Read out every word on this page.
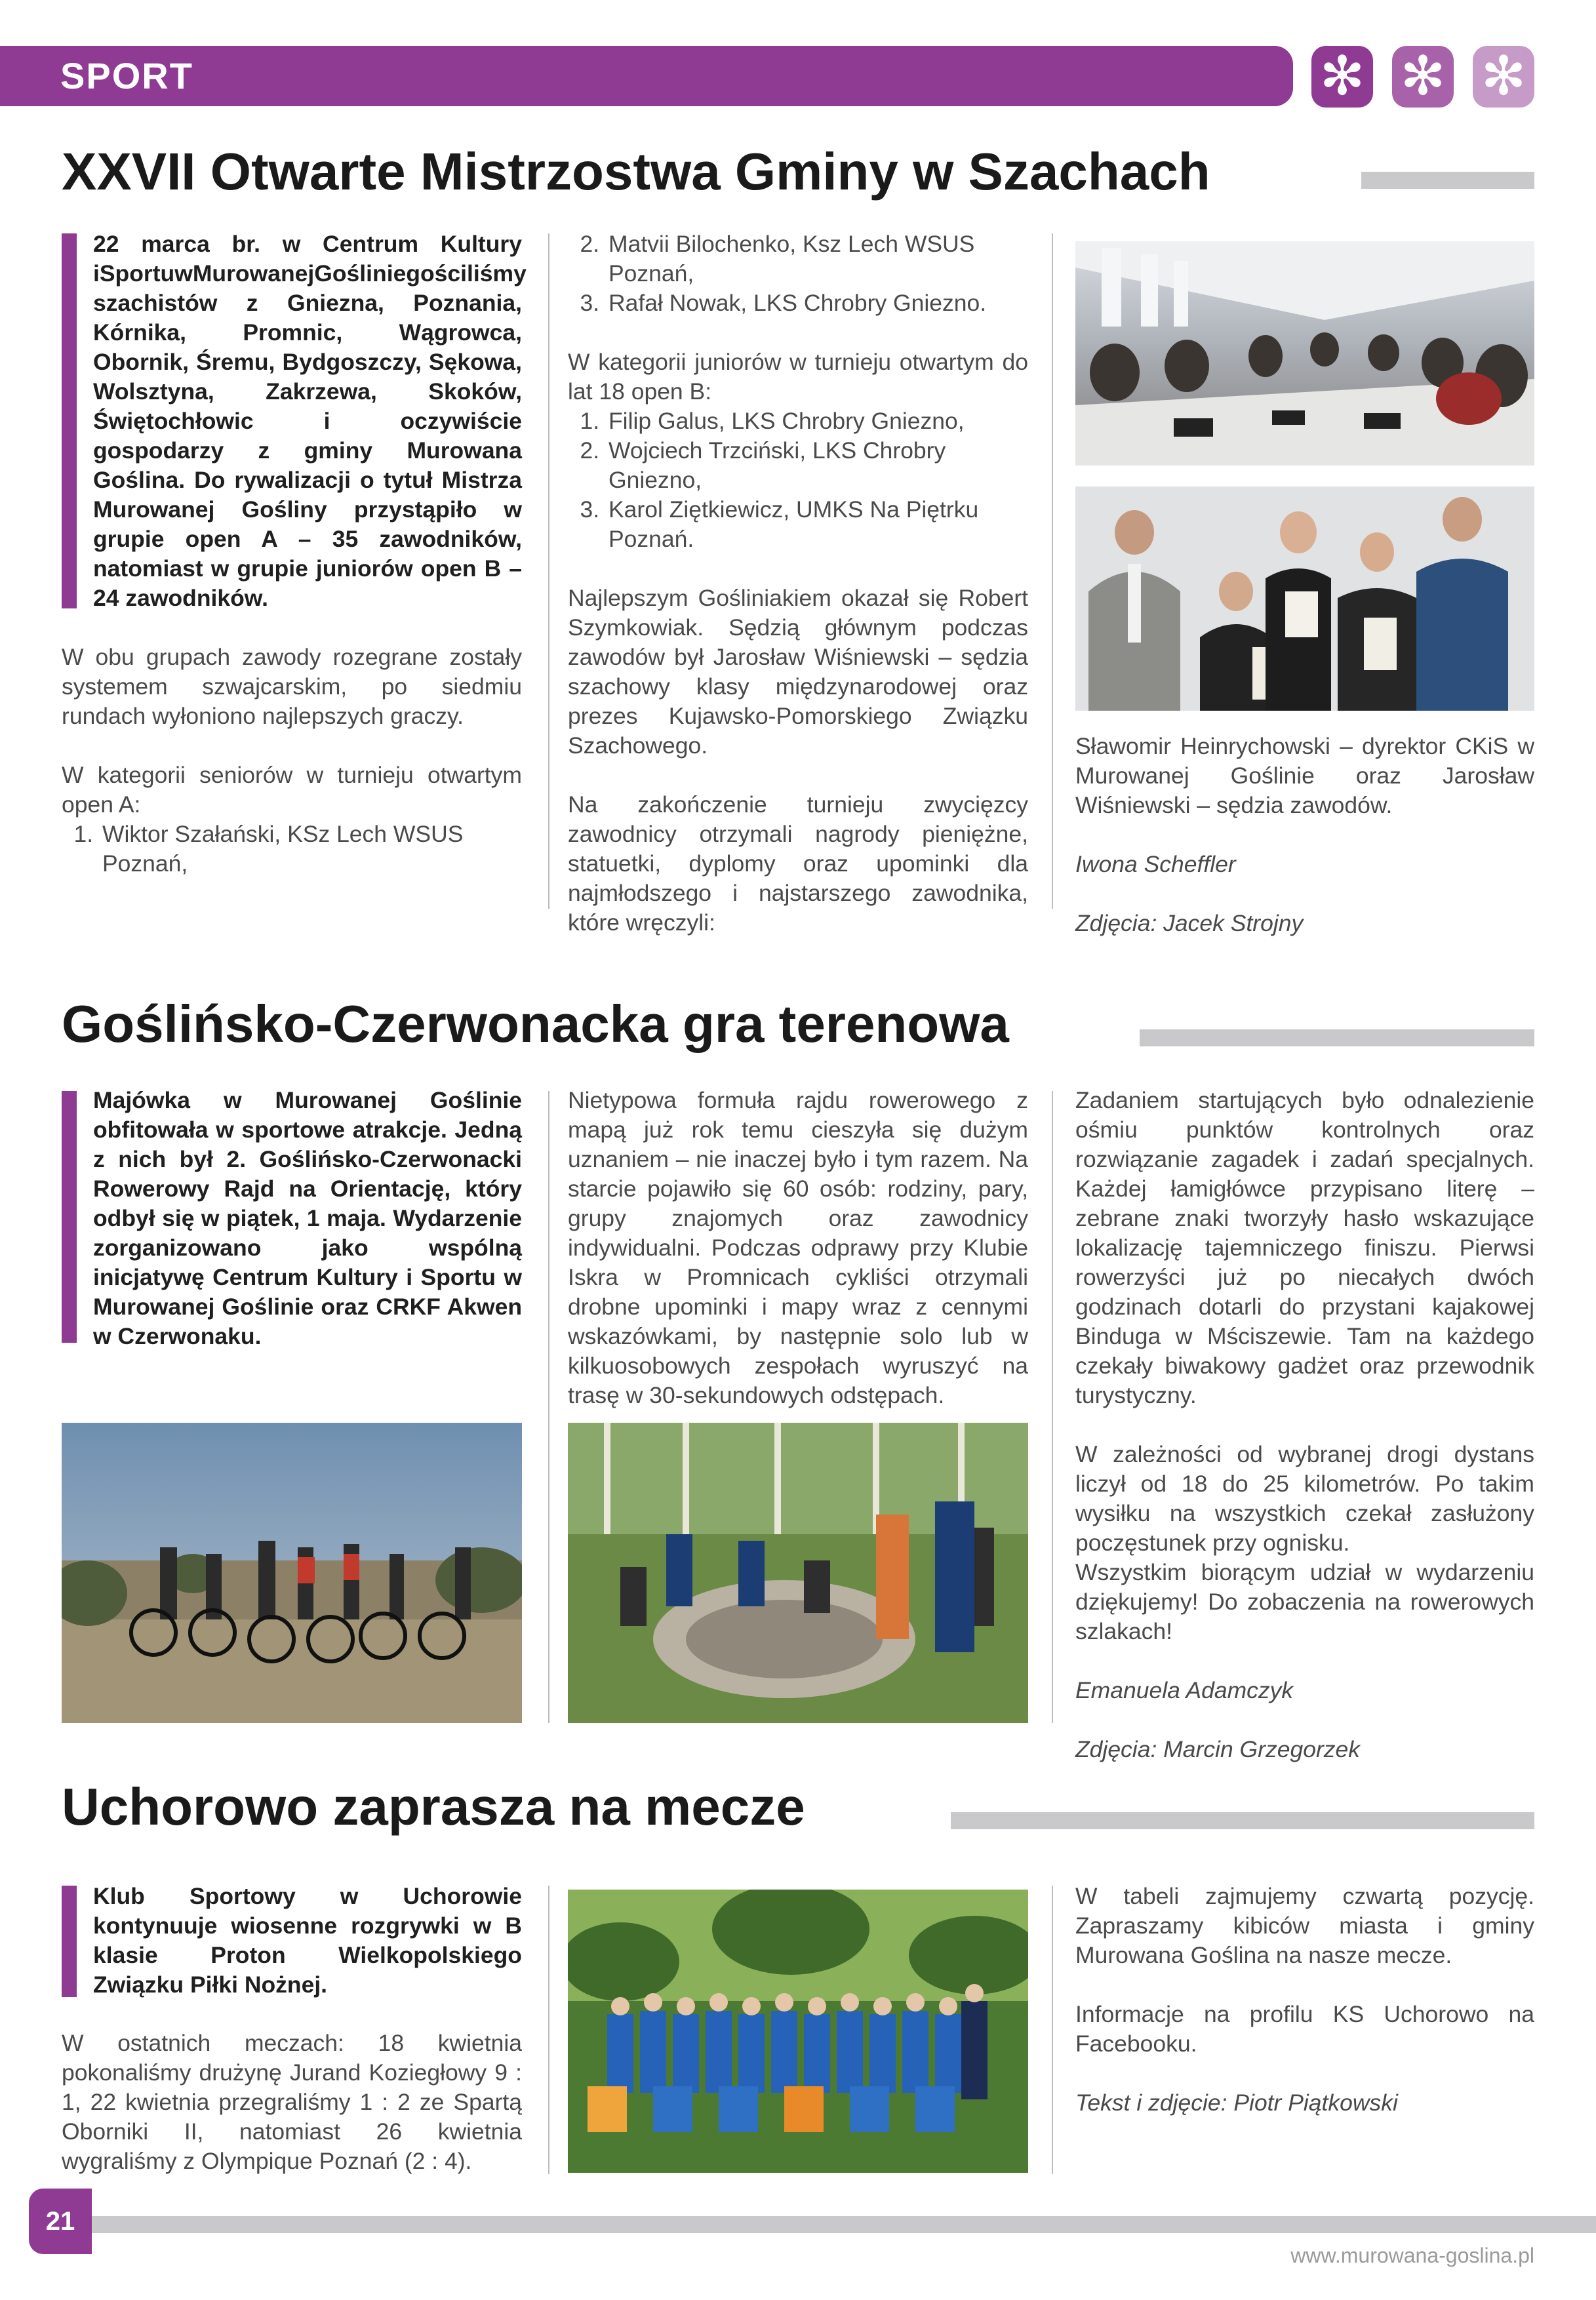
SPORT	✻ ✻ ✻
XXVII Otwarte Mistrzostwa Gminy w Szachach
22 marca br. w Centrum Kultury iSportuwMurowanejGośliniegościliśmy szachistów z Gniezna, Poznania, Kórnika, Promnic, Wągrowca, Obornik, Śremu, Bydgoszczy, Sękowa, Wolsztyna, Zakrzewa, Skoków, Świętochłowic i oczywiście gospodarzy z gminy Murowana Goślina. Do rywalizacji o tytuł Mistrza Murowanej Gośliny przystąpiło w grupie open A – 35 zawodników, natomiast w grupie juniorów open B – 24 zawodników.

W obu grupach zawody rozegrane zostały systemem szwajcarskim, po siedmiu rundach wyłoniono najlepszych graczy.

W kategorii seniorów w turnieju otwartym open A:

1. Wiktor Szałański, KSz Lech WSUS Poznań,
2. Matvii Bilochenko, Ksz Lech WSUS Poznań,
3. Rafał Nowak, LKS Chrobry Gniezno.

W kategorii juniorów w turnieju otwartym do lat 18 open B:

1. Filip Galus, LKS Chrobry Gniezno,
2. Wojciech Trzciński, LKS Chrobry Gniezno,
3. Karol Ziętkiewicz, UMKS Na Piętrku Poznań.

Najlepszym Gośliniakiem okazał się Robert Szymkowiak. Sędzią głównym podczas zawodów był Jarosław Wiśniewski – sędzia szachowy klasy międzynarodowej oraz prezes Kujawsko-Pomorskiego Związku Szachowego.

Na zakończenie turnieju zwycięzcy zawodnicy otrzymali nagrody pieniężne, statuetki, dyplomy oraz upominki dla najmłodszego i najstarszego zawodnika, które wręczyli:

Sławomir Heinrychowski – dyrektor CKiS w Murowanej Goślinie oraz Jarosław Wiśniewski – sędzia zawodów.

Iwona Scheffler

Zdjęcia: Jacek Strojny

Goślińsko-Czerwonacka gra terenowa
Majówka w Murowanej Goślinie obfitowała w sportowe atrakcje. Jedną z nich był 2. Goślińsko-Czerwonacki Rowerowy Rajd na Orientację, który odbył się w piątek, 1 maja. Wydarzenie zorganizowano jako wspólną inicjatywę Centrum Kultury i Sportu w Murowanej Goślinie oraz CRKF Akwen w Czerwonaku.

Nietypowa formuła rajdu rowerowego z mapą już rok temu cieszyła się dużym uznaniem – nie inaczej było i tym razem. Na starcie pojawiło się 60 osób: rodziny, pary, grupy znajomych oraz zawodnicy indywidualni. Podczas odprawy przy Klubie Iskra w Promnicach cykliści otrzymali drobne upominki i mapy wraz z cennymi wskazówkami, by następnie solo lub w kilkuosobowych zespołach wyruszyć na trasę w 30-sekundowych odstępach.

Zadaniem startujących było odnalezienie ośmiu punktów kontrolnych oraz rozwiązanie zagadek i zadań specjalnych. Każdej łamigłówce przypisano literę – zebrane znaki tworzyły hasło wskazujące lokalizację tajemniczego finiszu. Pierwsi rowerzyści już po niecałych dwóch godzinach dotarli do przystani kajakowej Binduga w Mściszewie. Tam na każdego czekały biwakowy gadżet oraz przewodnik turystyczny.

W zależności od wybranej drogi dystans liczył od 18 do 25 kilometrów. Po takim wysiłku na wszystkich czekał zasłużony poczęstunek przy ognisku.

Wszystkim biorącym udział w wydarzeniu dziękujemy! Do zobaczenia na rowerowych szlakach!

Emanuela Adamczyk

Zdjęcia: Marcin Grzegorzek

Uchorowo zaprasza na mecze
Klub Sportowy w Uchorowie kontynuuje wiosenne rozgrywki w B klasie Proton Wielkopolskiego Związku Piłki Nożnej.

W ostatnich meczach: 18 kwietnia pokonaliśmy drużynę Jurand Koziegłowy 9 : 1, 22 kwietnia przegraliśmy 1 : 2 ze Spartą Oborniki II, natomiast 26 kwietnia wygraliśmy z Olympique Poznań (2 : 4).

W tabeli zajmujemy czwartą pozycję. Zapraszamy kibiców miasta i gminy Murowana Goślina na nasze mecze.

Informacje na profilu KS Uchorowo na Facebooku.

Tekst i zdjęcie: Piotr Piątkowski

21
www.murowana-goslina.pl
